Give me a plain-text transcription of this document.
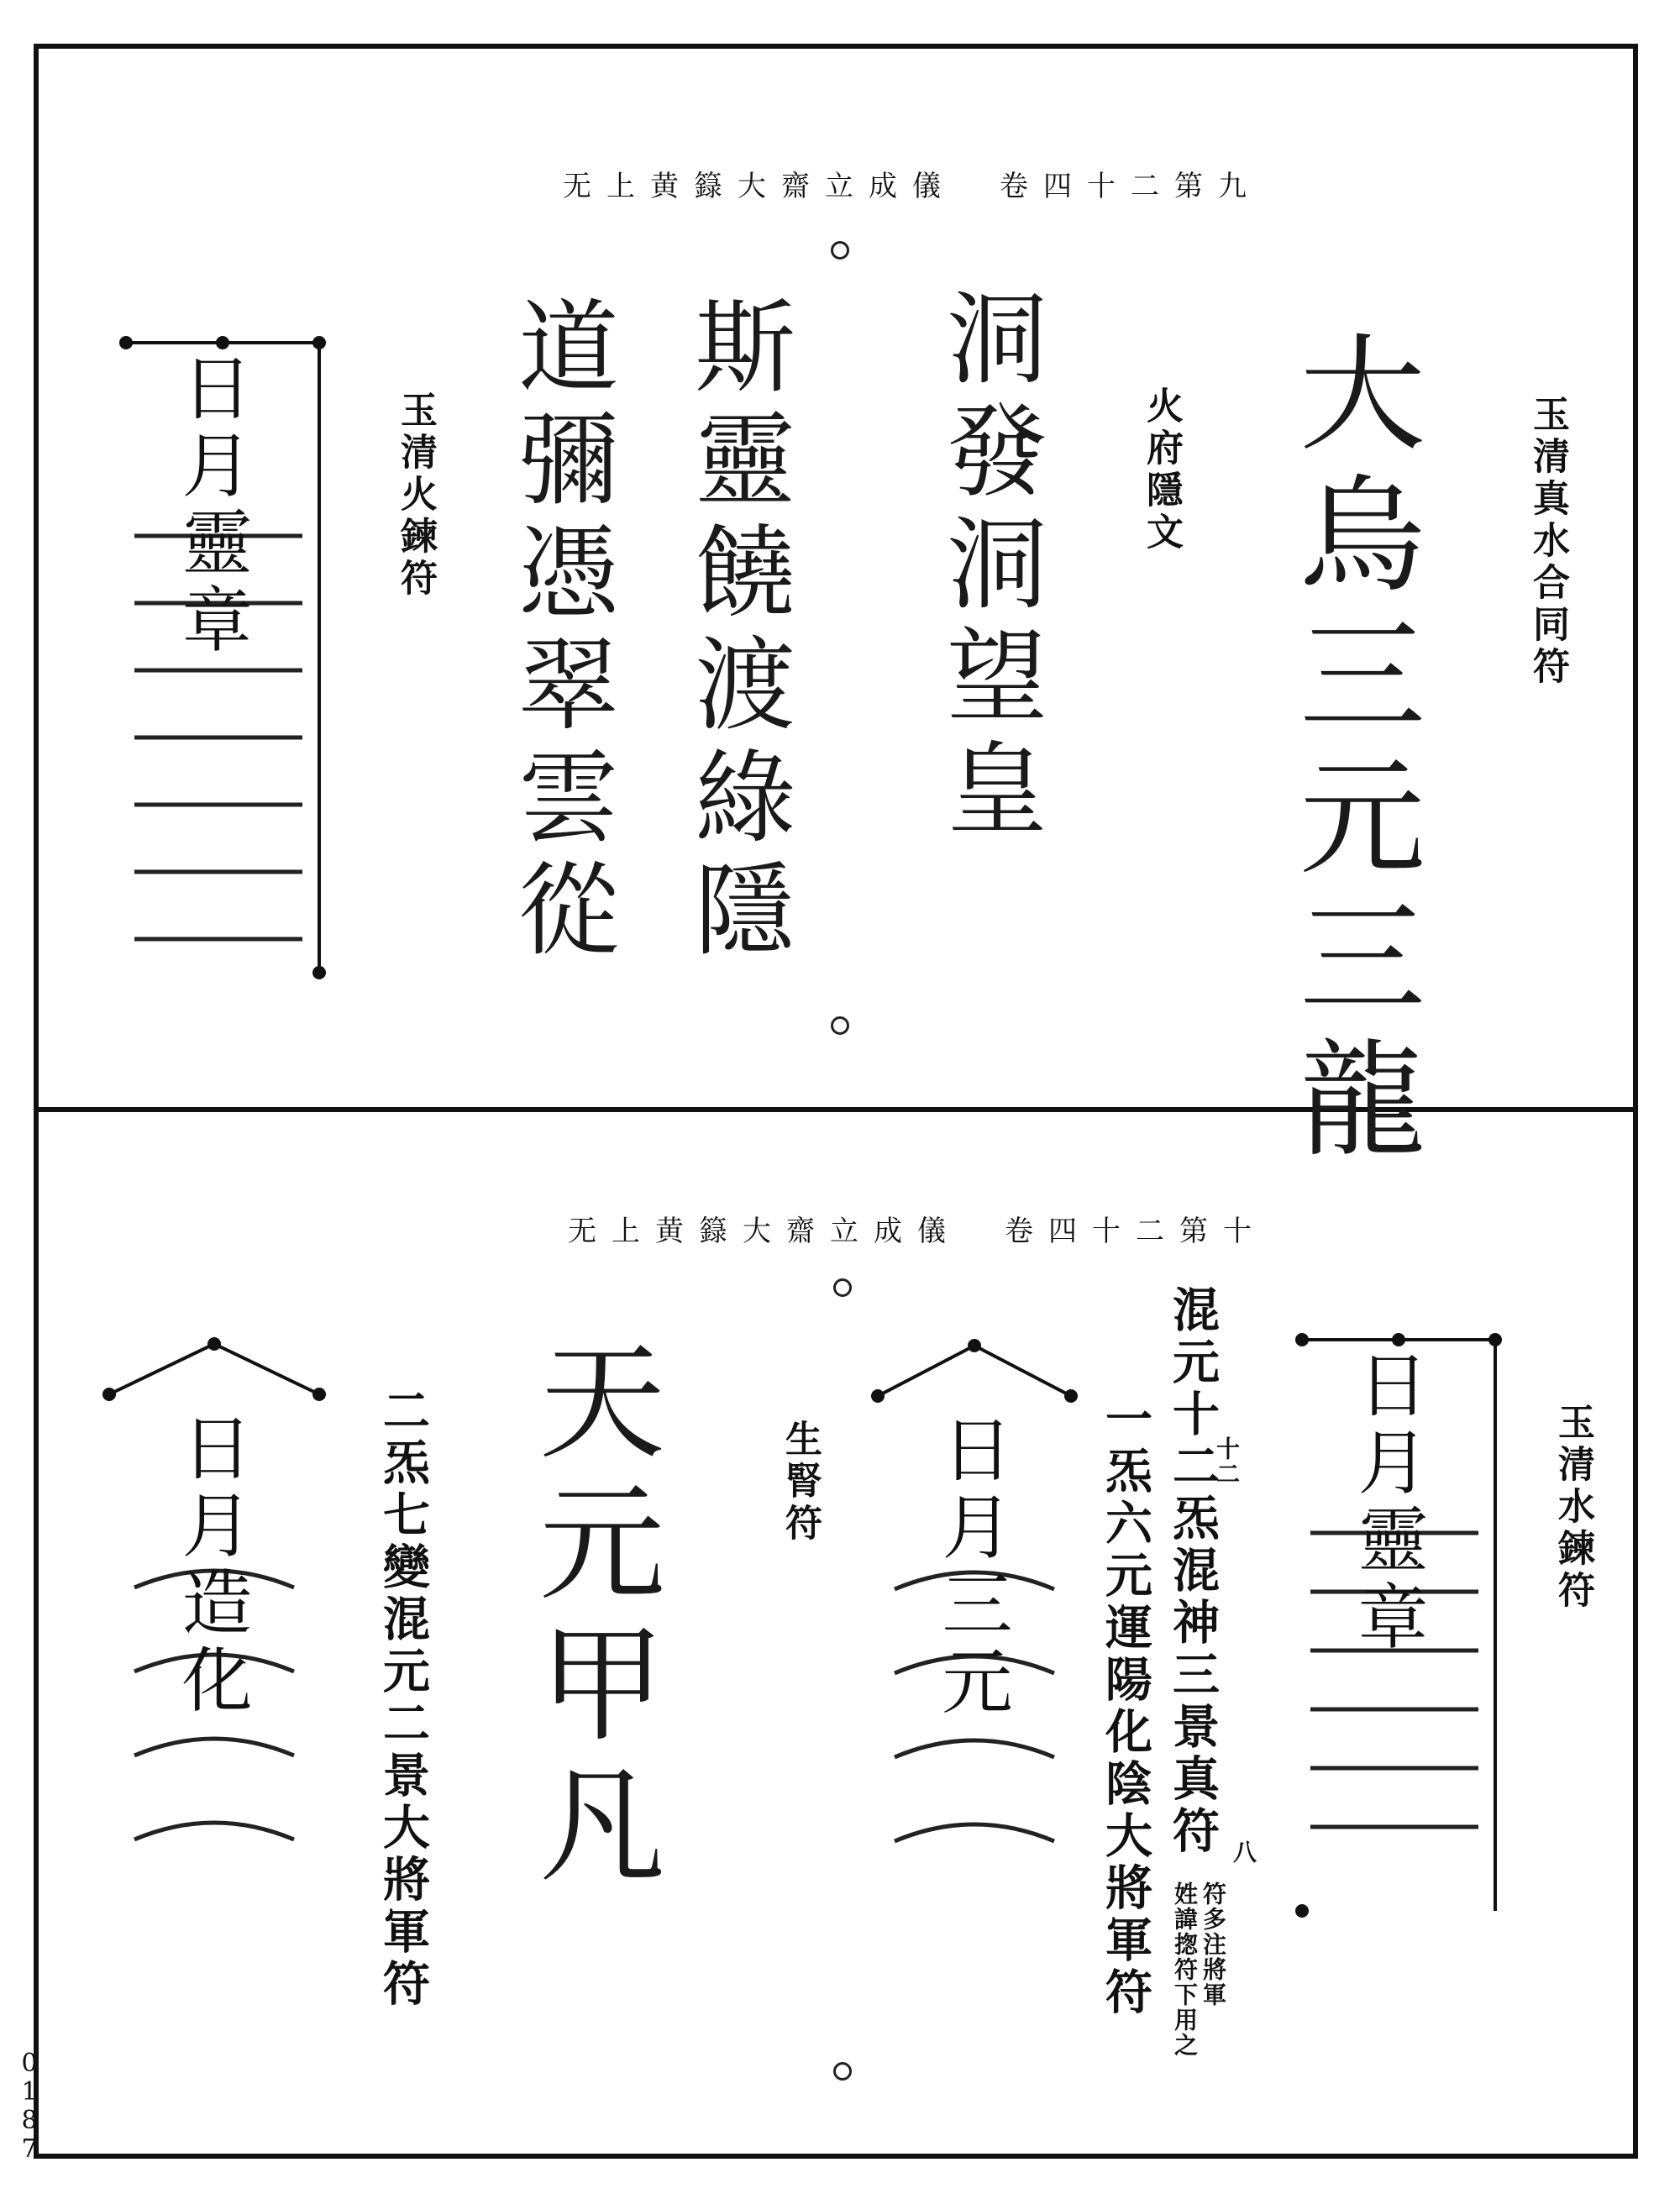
0
1
8
7
无上黄籙大齋立成儀　卷四十二第九
玉清真水合同符
大烏三元三龍
火府隱文
洞發洞望皇
斯靈饒渡綠隱
道彌憑翠雲從
玉清火鍊符
日月靈章
无上黄籙大齋立成儀　卷四十二第十
玉清水鍊符
日月靈章
混元十二炁混神三景真符
十二
八
一炁六元運陽化陰大將軍符 符多注將軍
姓諱揔符下用之
日月三元
生腎符
天元甲凡
二炁七變混元二景大將軍符
日月造化
